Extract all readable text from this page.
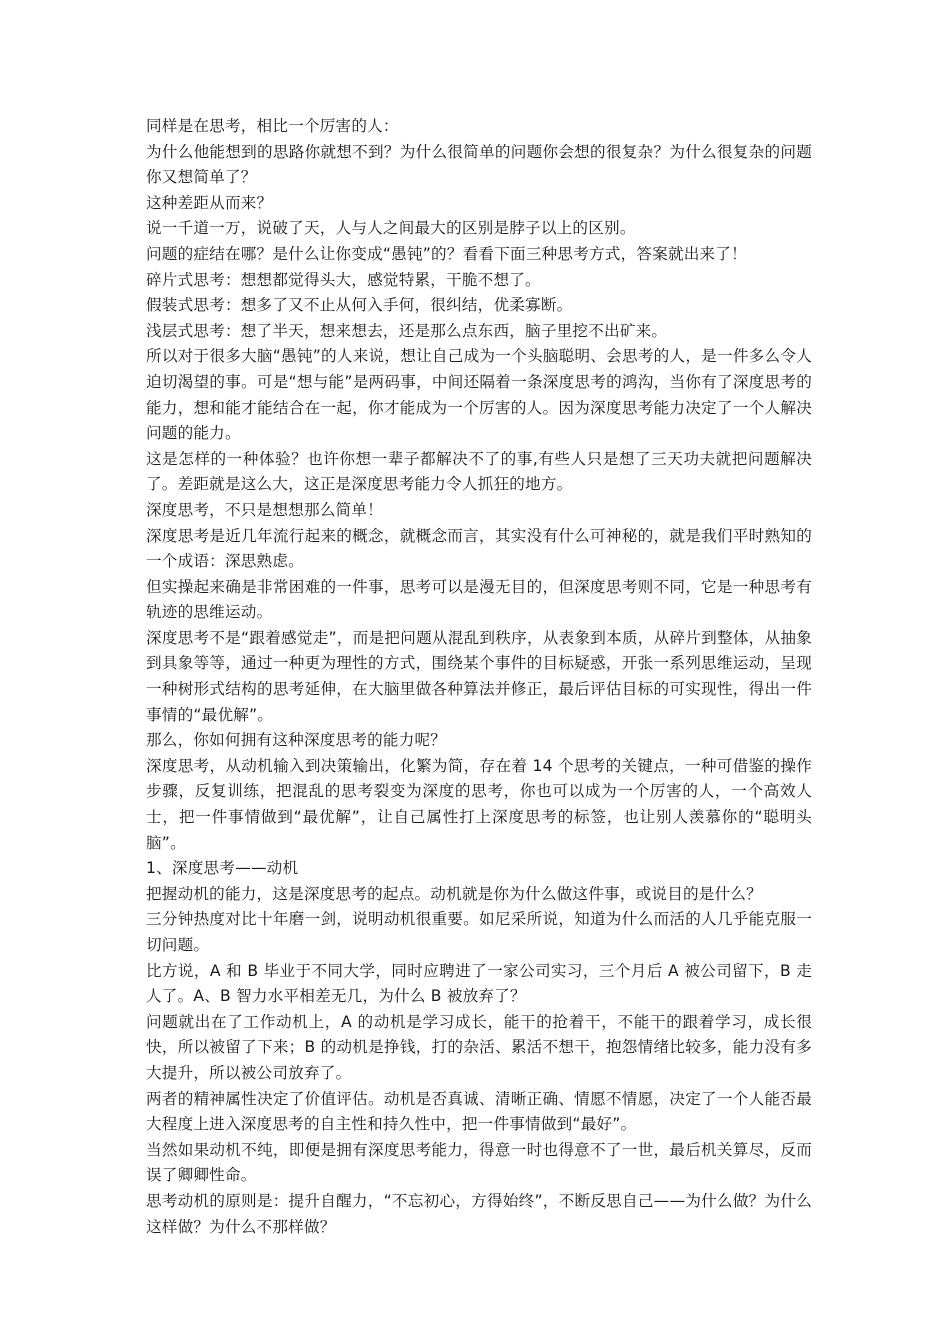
同样是在思考，相比一个厉害的人：

为什么他能想到的思路你就想不到？为什么很简单的问题你会想的很复杂？为什么很复杂的问题你又想简单了？

这种差距从而来？

说一千道一万，说破了天，人与人之间最大的区别是脖子以上的区别。

问题的症结在哪？是什么让你变成“愚钝”的？看看下面三种思考方式，答案就出来了！

碎片式思考：想想都觉得头大，感觉特累，干脆不想了。

假装式思考：想多了又不止从何入手何，很纠结，优柔寡断。

浅层式思考：想了半天，想来想去，还是那么点东西，脑子里挖不出矿来。

所以对于很多大脑“愚钝”的人来说，想让自己成为一个头脑聪明、会思考的人，是一件多么令人迫切渴望的事。可是“想与能”是两码事，中间还隔着一条深度思考的鸿沟，当你有了深度思考的能力，想和能才能结合在一起，你才能成为一个厉害的人。因为深度思考能力决定了一个人解决问题的能力。

这是怎样的一种体验？也许你想一辈子都解决不了的事,有些人只是想了三天功夫就把问题解决了。差距就是这么大，这正是深度思考能力令人抓狂的地方。

深度思考，不只是想想那么简单！

深度思考是近几年流行起来的概念，就概念而言，其实没有什么可神秘的，就是我们平时熟知的一个成语：深思熟虑。

但实操起来确是非常困难的一件事，思考可以是漫无目的，但深度思考则不同，它是一种思考有轨迹的思维运动。

深度思考不是“跟着感觉走”，而是把问题从混乱到秩序，从表象到本质，从碎片到整体，从抽象到具象等等，通过一种更为理性的方式，围绕某个事件的目标疑惑，开张一系列思维运动，呈现一种树形式结构的思考延伸，在大脑里做各种算法并修正，最后评估目标的可实现性，得出一件事情的“最优解”。

那么，你如何拥有这种深度思考的能力呢？

深度思考，从动机输入到决策输出，化繁为简，存在着 14 个思考的关键点，一种可借鉴的操作步骤，反复训练，把混乱的思考裂变为深度的思考，你也可以成为一个厉害的人，一个高效人士，把一件事情做到“最优解”，让自己属性打上深度思考的标签，也让别人羡慕你的“聪明头脑”。

1、深度思考——动机

把握动机的能力，这是深度思考的起点。动机就是你为什么做这件事，或说目的是什么？

三分钟热度对比十年磨一剑，说明动机很重要。如尼采所说，知道为什么而活的人几乎能克服一切问题。

比方说，A 和 B 毕业于不同大学，同时应聘进了一家公司实习，三个月后 A 被公司留下，B 走人了。A、B 智力水平相差无几，为什么 B 被放弃了？

问题就出在了工作动机上，A 的动机是学习成长，能干的抢着干，不能干的跟着学习，成长很快，所以被留了下来；B 的动机是挣钱，打的杂活、累活不想干，抱怨情绪比较多，能力没有多大提升，所以被公司放弃了。

两者的精神属性决定了价值评估。动机是否真诚、清晰正确、情愿不情愿，决定了一个人能否最大程度上进入深度思考的自主性和持久性中，把一件事情做到“最好”。

当然如果动机不纯，即便是拥有深度思考能力，得意一时也得意不了一世，最后机关算尽，反而误了卿卿性命。

思考动机的原则是：提升自醒力，“不忘初心，方得始终”，不断反思自己——为什么做？为什么这样做？为什么不那样做？
